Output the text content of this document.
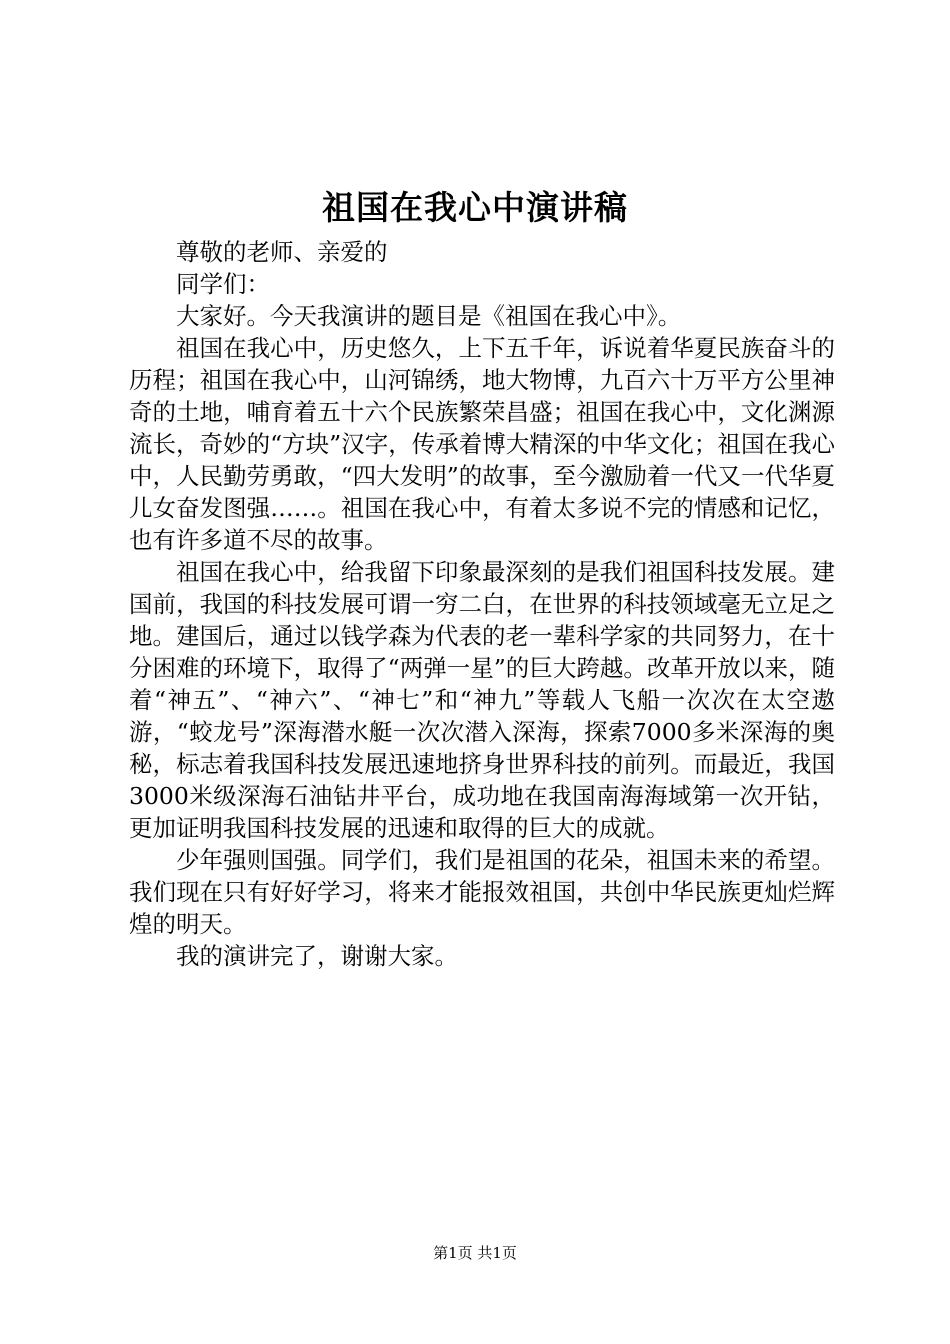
祖国在我心中演讲稿

尊敬的老师、亲爱的

同学们：

大家好。今天我演讲的题目是《祖国在我心中》。

祖国在我心中，历史悠久，上下五千年，诉说着华夏民族奋斗的历程；祖国在我心中，山河锦绣，地大物博，九百六十万平方公里神奇的土地，哺育着五十六个民族繁荣昌盛；祖国在我心中，文化渊源流长，奇妙的“方块”汉字，传承着博大精深的中华文化；祖国在我心中，人民勤劳勇敢，“四大发明”的故事，至今激励着一代又一代华夏儿女奋发图强……。祖国在我心中，有着太多说不完的情感和记忆，也有许多道不尽的故事。

祖国在我心中，给我留下印象最深刻的是我们祖国科技发展。建国前，我国的科技发展可谓一穷二白，在世界的科技领域毫无立足之地。建国后，通过以钱学森为代表的老一辈科学家的共同努力，在十分困难的环境下，取得了“两弹一星”的巨大跨越。改革开放以来，随着“神五”、“神六”、“神七”和“神九”等载人飞船一次次在太空遨游，“蛟龙号”深海潜水艇一次次潜入深海，探索7000多米深海的奥秘，标志着我国科技发展迅速地挤身世界科技的前列。而最近，我国3000米级深海石油钻井平台，成功地在我国南海海域第一次开钻，更加证明我国科技发展的迅速和取得的巨大的成就。

少年强则国强。同学们，我们是祖国的花朵，祖国未来的希望。我们现在只有好好学习，将来才能报效祖国，共创中华民族更灿烂辉煌的明天。

我的演讲完了，谢谢大家。

第1页 共1页
